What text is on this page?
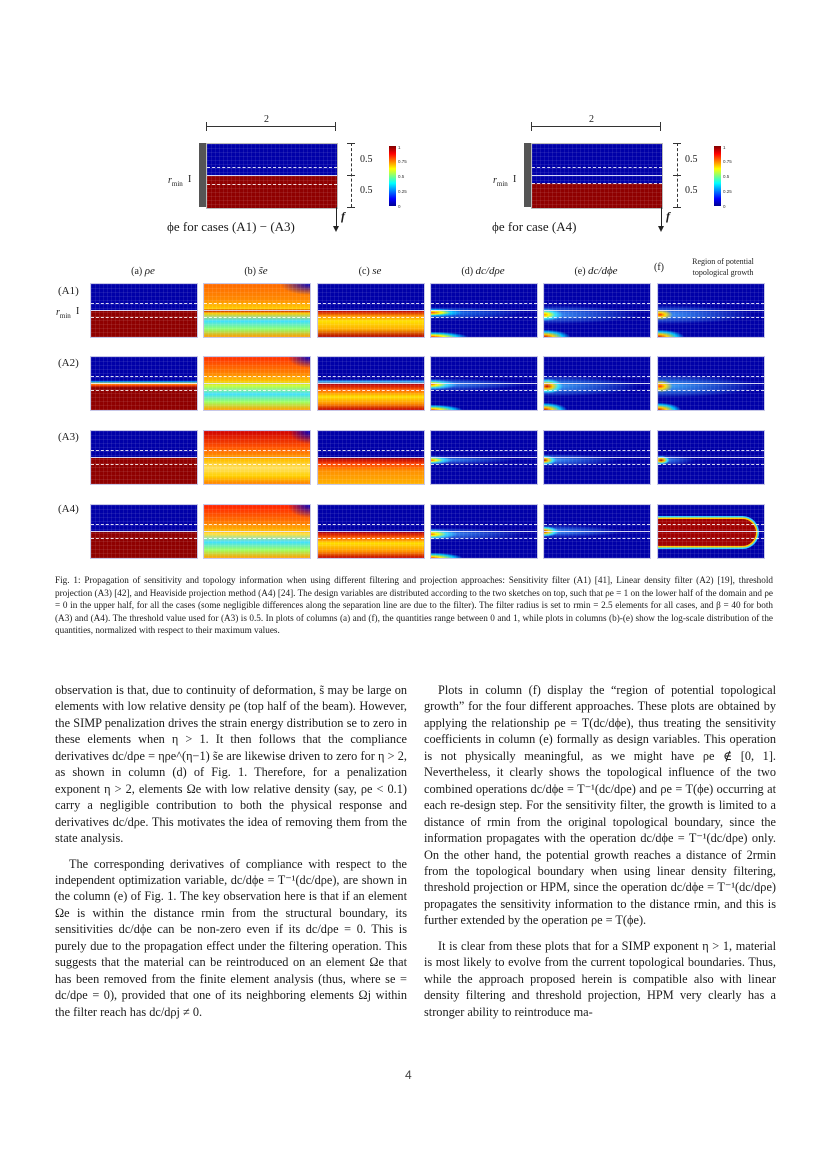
2
$r_{min}$ I
0.5
0.5
f
ϕe for cases (A1) − (A3)
1
0.75
0.5
0.25
0
2
$r_{min}$ I
0.5
0.5
f
ϕe for case (A4)
1
0.75
0.5
0.25
0
(a) ρe	(b) s̃e	(c) se	(d) dc/dρe	(e) dc/dϕe	(f)
Region of potential
topological growth
(A1)
$r_{min}$ I
(A2)
(A3)
(A4)
Fig. 1: Propagation of sensitivity and topology information when using different filtering and projection approaches: Sensitivity filter (A1) [41], Linear density filter (A2) [19], threshold projection (A3) [42], and Heaviside projection method (A4) [24]. The design variables are distributed according to the two sketches on top, such that ρe = 1 on the lower half of the domain and ρe = 0 in the upper half, for all the cases (some negligible differences along the separation line are due to the filter). The filter radius is set to rmin = 2.5 elements for all cases, and β = 40 for both (A3) and (A4). The threshold value used for (A3) is 0.5. In plots of columns (a) and (f), the quantities range between 0 and 1, while plots in columns (b)-(e) show the log-scale distribution of the quantities, normalized with respect to their maximum values.

observation is that, due to continuity of deformation, s̃ may be large on elements with low relative density ρe (top half of the beam). However, the SIMP penalization drives the strain energy distribution se to zero in these elements when η > 1. It then follows that the compliance derivatives dc/dρe = ηρe^(η−1) s̃e are likewise driven to zero for η > 2, as shown in column (d) of Fig. 1. Therefore, for a penalization exponent η > 2, elements Ωe with low relative density (say, ρe < 0.1) carry a negligible contribution to both the physical response and derivatives dc/dρe. This motivates the idea of removing them from the state analysis.

The corresponding derivatives of compliance with respect to the independent optimization variable, dc/dϕe = T⁻¹(dc/dρe), are shown in the column (e) of Fig. 1. The key observation here is that if an element Ωe is within the distance rmin from the structural boundary, its sensitivities dc/dϕe can be non-zero even if its dc/dρe = 0. This is purely due to the propagation effect under the filtering operation. This suggests that the material can be reintroduced on an element Ωe that has been removed from the finite element analysis (thus, where se = dc/dρe = 0), provided that one of its neighboring elements Ωj within the filter reach has dc/dρj ≠ 0.

Plots in column (f) display the “region of potential topological growth” for the four different approaches. These plots are obtained by applying the relationship ρe = T(dc/dϕe), thus treating the sensitivity coefficients in column (e) formally as design variables. This operation is not physically meaningful, as we might have ρe ∉ [0, 1]. Nevertheless, it clearly shows the topological influence of the two combined operations dc/dϕe = T⁻¹(dc/dρe) and ρe = T(ϕe) occurring at each re-design step. For the sensitivity filter, the growth is limited to a distance of rmin from the original topological boundary, since the information propagates with the operation dc/dϕe = T⁻¹(dc/dρe) only. On the other hand, the potential growth reaches a distance of 2rmin from the topological boundary when using linear density filtering, threshold projection or HPM, since the operation dc/dϕe = T⁻¹(dc/dρe) propagates the sensitivity information to the distance rmin, and this is further extended by the operation ρe = T(ϕe).

It is clear from these plots that for a SIMP exponent η > 1, material is most likely to evolve from the current topological boundaries. Thus, while the approach proposed herein is compatible also with linear density filtering and threshold projection, HPM very clearly has a stronger ability to reintroduce ma-

4
